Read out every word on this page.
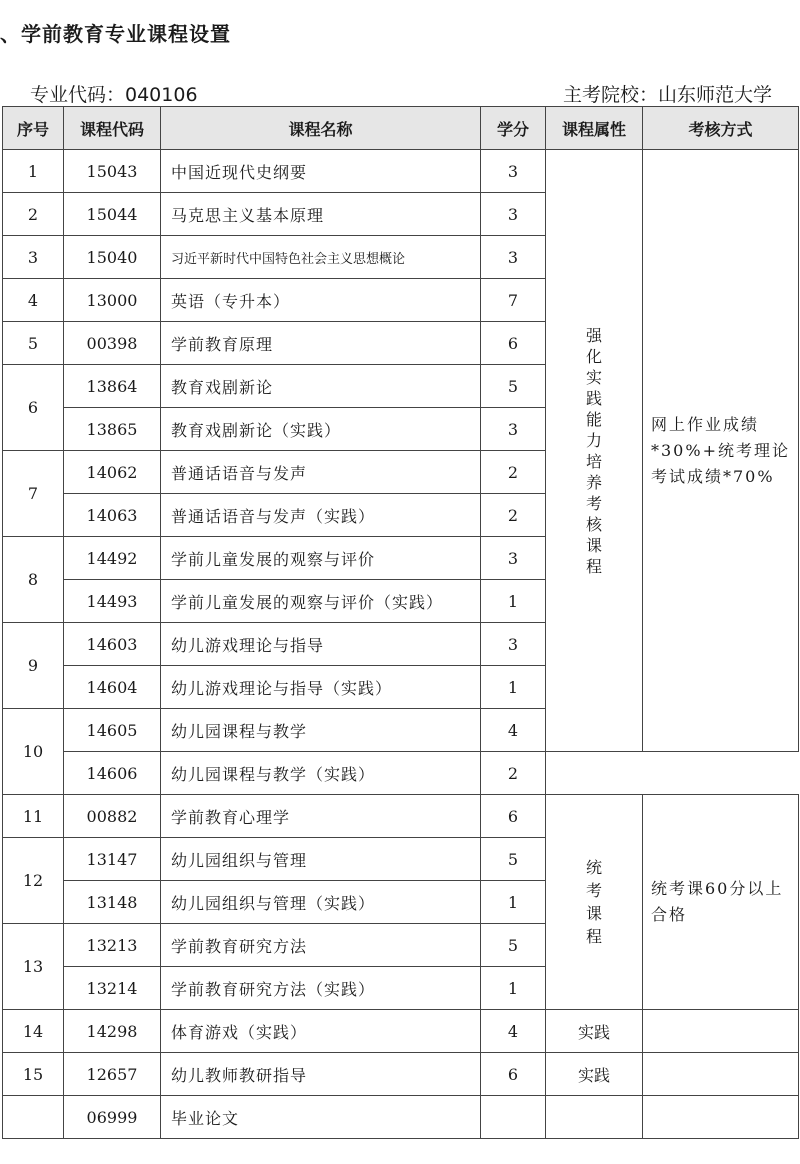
、学前教育专业课程设置
专业代码：040106	主考院校：山东师范大学
序号	课程代码	课程名称	学分	课程属性	考核方式
1	15043	中国近现代史纲要	3	强化实践能力培养考核课程	网上作业成绩*30%+统考理论考试成绩*70%
2	15044	马克思主义基本原理	3		
3	15040	习近平新时代中国特色社会主义思想概论	3		
4	13000	英语（专升本）	7		
5	00398	学前教育原理	6		
6	13864	教育戏剧新论	5		
	13865	教育戏剧新论（实践）	3		
7	14062	普通话语音与发声	2		
	14063	普通话语音与发声（实践）	2		
8	14492	学前儿童发展的观察与评价	3		
	14493	学前儿童发展的观察与评价（实践）	1		
9	14603	幼儿游戏理论与指导	3		
	14604	幼儿游戏理论与指导（实践）	1		
10	14605	幼儿园课程与教学	4		
	14606	幼儿园课程与教学（实践）	2		
11	00882	学前教育心理学	6	统考课程	统考课60分以上合格
12	13147	幼儿园组织与管理	5		
	13148	幼儿园组织与管理（实践）	1		
13	13213	学前教育研究方法	5		
	13214	学前教育研究方法（实践）	1		
14	14298	体育游戏（实践）	4	实践	
15	12657	幼儿教师教研指导	6	实践	
	06999	毕业论文			
